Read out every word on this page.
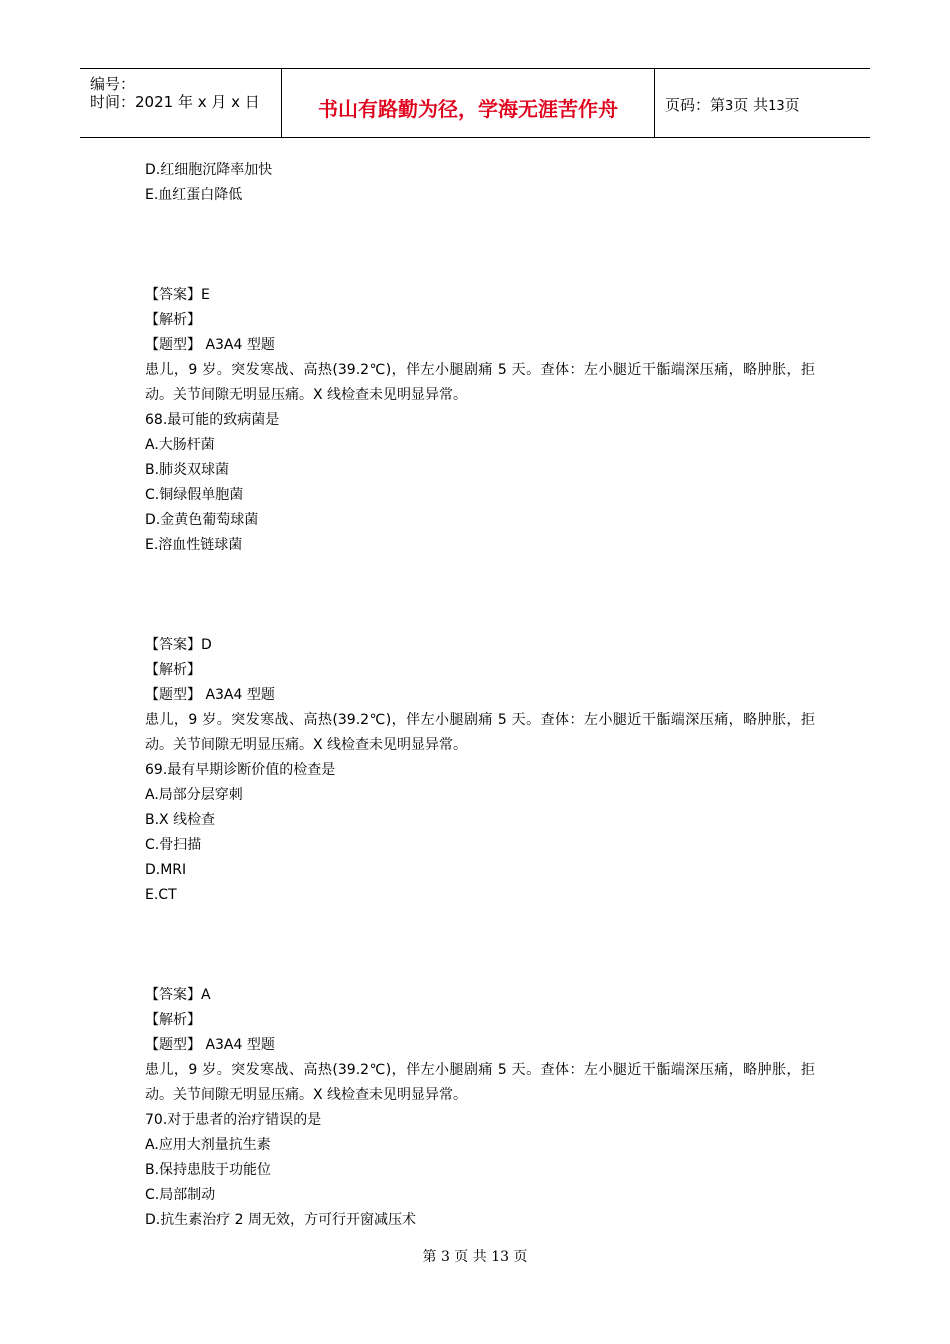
编号：
时间：2021 年 x 月 x 日	书山有路勤为径，学海无涯苦作舟	页码：第3页 共13页
D.红细胞沉降率加快
E.血红蛋白降低
【答案】E
【解析】
【题型】 A3A4 型题
患儿，9 岁。突发寒战、高热(39.2℃)，伴左小腿剧痛 5 天。查体：左小腿近干骺端深压痛，略肿胀，拒动。关节间隙无明显压痛。X 线检查未见明显异常。
68.最可能的致病菌是
A.大肠杆菌
B.肺炎双球菌
C.铜绿假单胞菌
D.金黄色葡萄球菌
E.溶血性链球菌
【答案】D
【解析】
【题型】 A3A4 型题
患儿，9 岁。突发寒战、高热(39.2℃)，伴左小腿剧痛 5 天。查体：左小腿近干骺端深压痛，略肿胀，拒动。关节间隙无明显压痛。X 线检查未见明显异常。
69.最有早期诊断价值的检查是
A.局部分层穿刺
B.X 线检查
C.骨扫描
D.MRI
E.CT
【答案】A
【解析】
【题型】 A3A4 型题
患儿，9 岁。突发寒战、高热(39.2℃)，伴左小腿剧痛 5 天。查体：左小腿近干骺端深压痛，略肿胀，拒动。关节间隙无明显压痛。X 线检查未见明显异常。
70.对于患者的治疗错误的是
A.应用大剂量抗生素
B.保持患肢于功能位
C.局部制动
D.抗生素治疗 2 周无效，方可行开窗减压术
第 3 页 共 13 页
